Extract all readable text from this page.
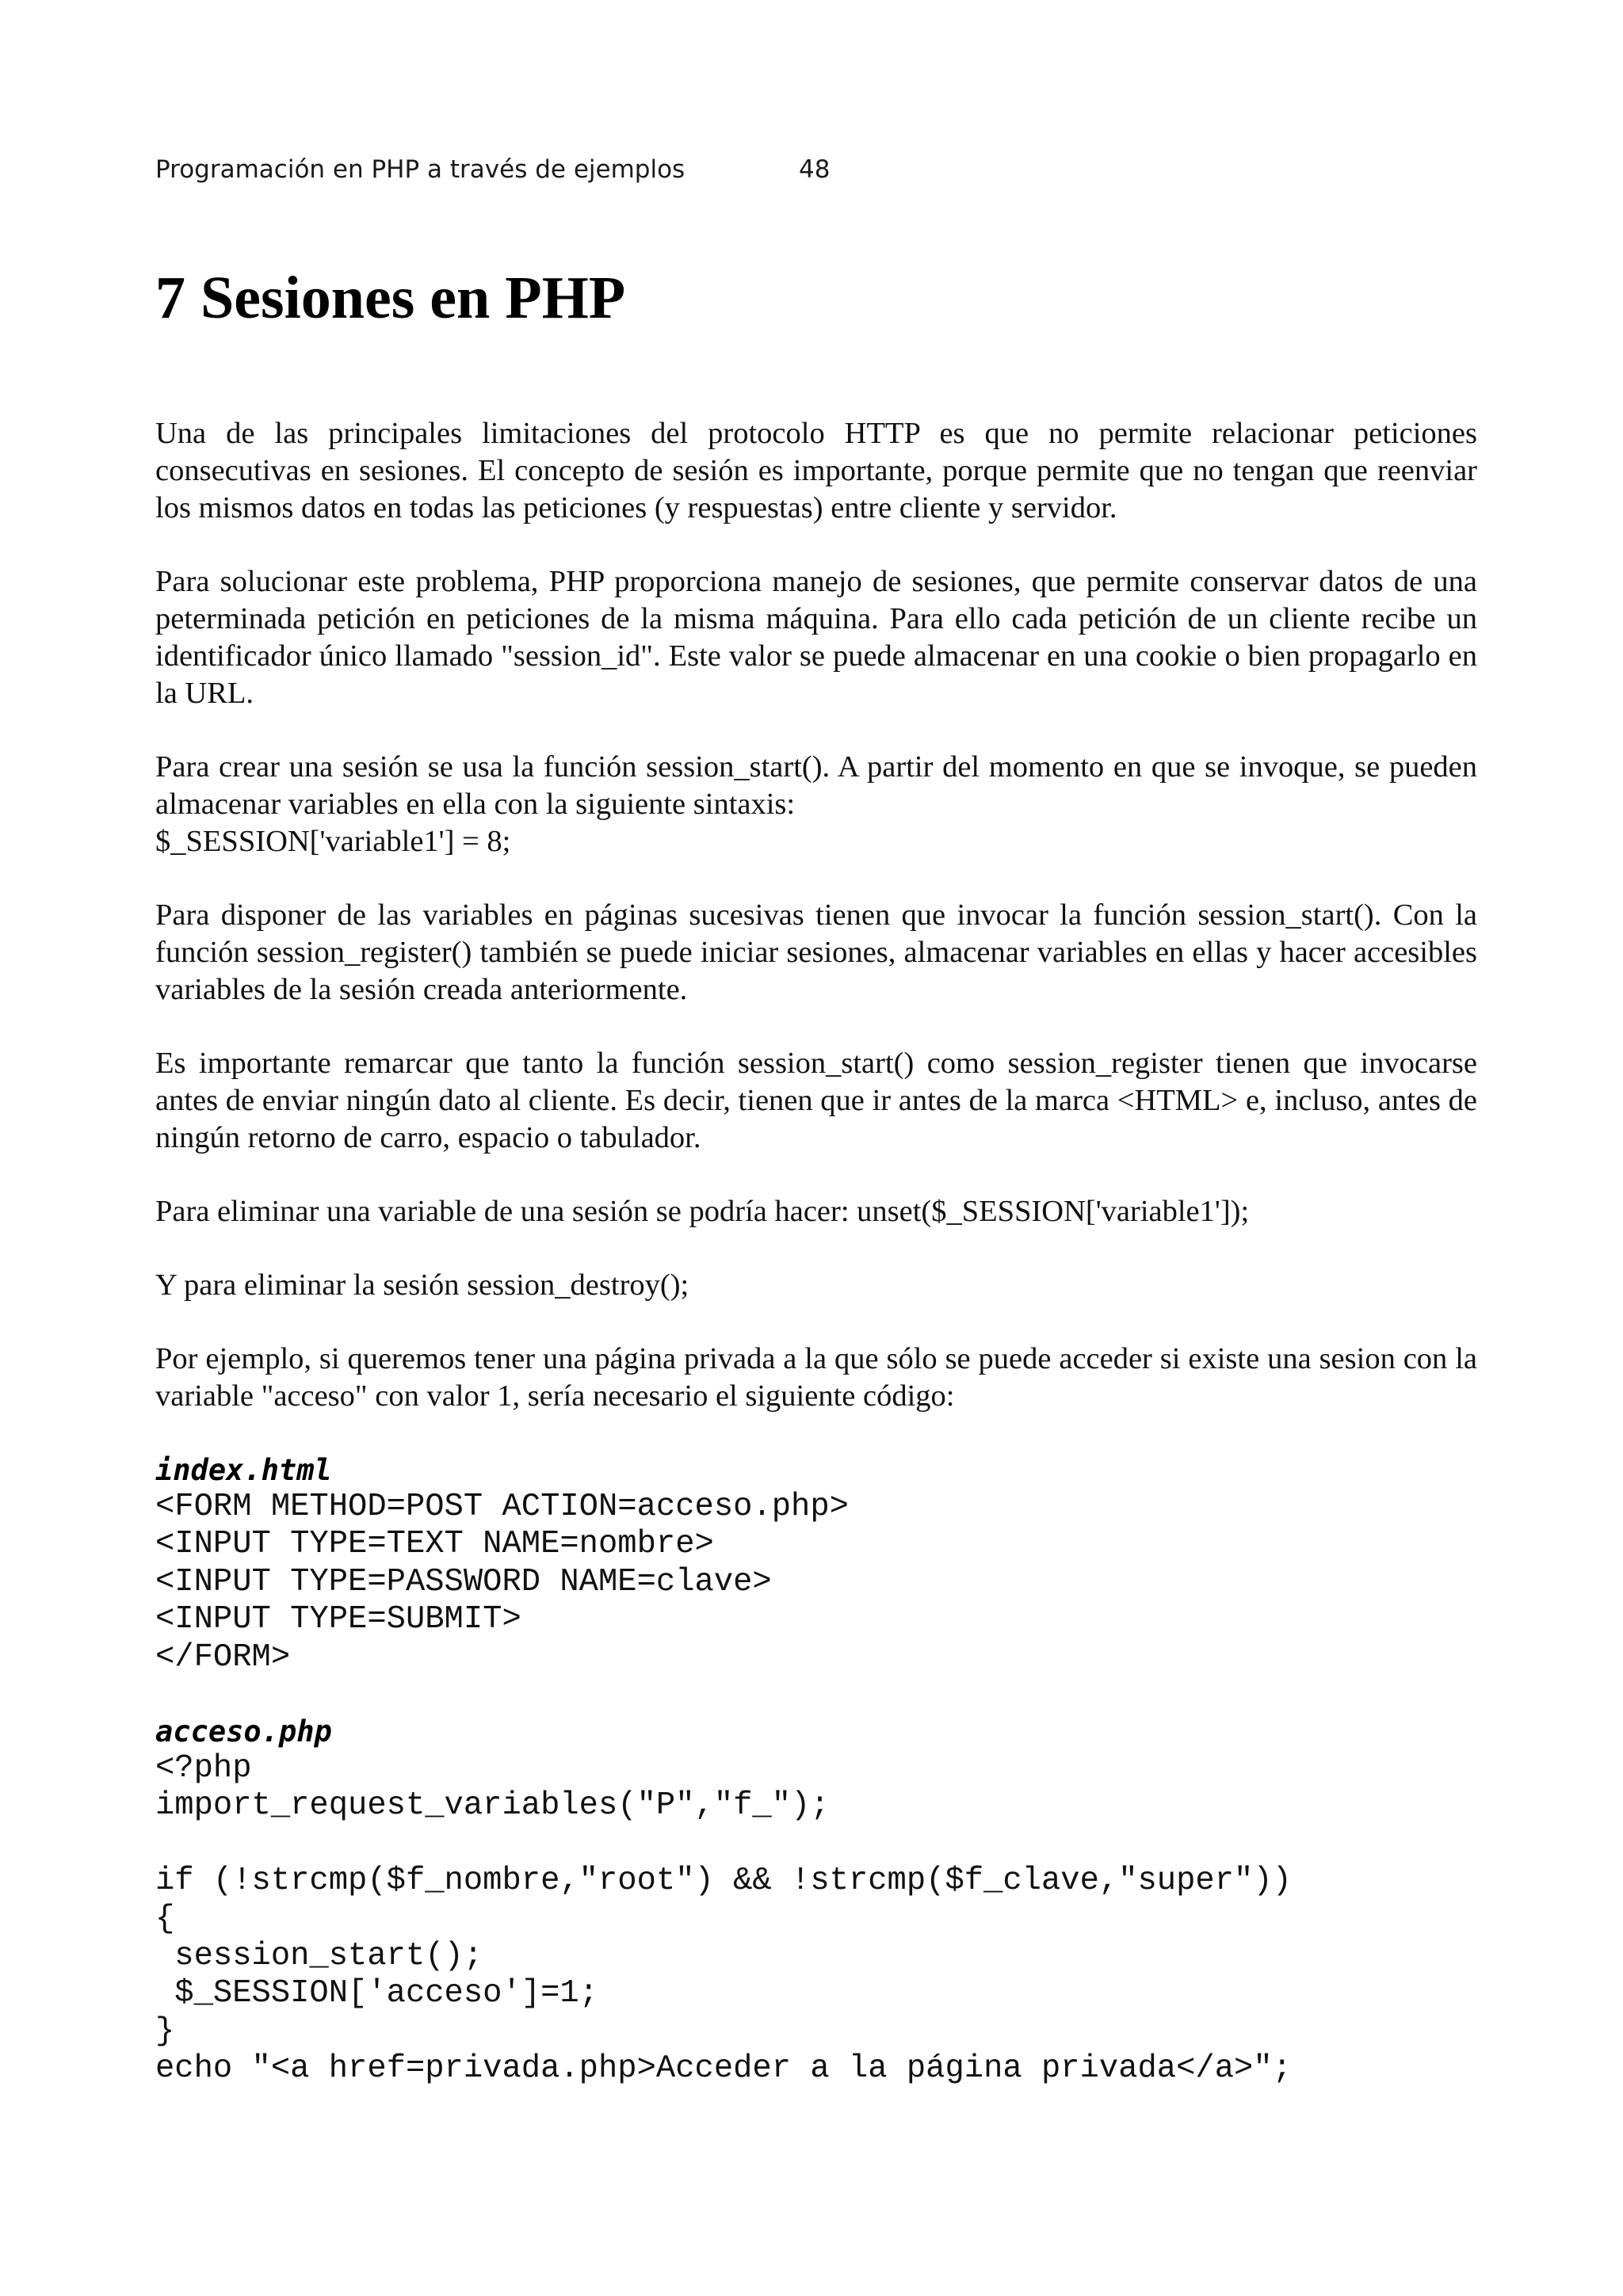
Programación en PHP a través de ejemplos	48
7 Sesiones en PHP

Una de las principales limitaciones del protocolo HTTP es que no permite relacionar peticiones consecutivas en sesiones. El concepto de sesión es importante, porque permite que no tengan que reenviar los mismos datos en todas las peticiones (y respuestas) entre cliente y servidor.

Para solucionar este problema, PHP proporciona manejo de sesiones, que permite conservar datos de una peterminada petición en peticiones de la misma máquina. Para ello cada petición de un cliente recibe un identificador único llamado "session_id". Este valor se puede almacenar en una cookie o bien propagarlo en la URL.

Para crear una sesión se usa la función session_start(). A partir del momento en que se invoque, se pueden almacenar variables en ella con la siguiente sintaxis:
$_SESSION['variable1'] = 8;

Para disponer de las variables en páginas sucesivas tienen que invocar la función session_start(). Con la función session_register() también se puede iniciar sesiones, almacenar variables en ellas y hacer accesibles variables de la sesión creada anteriormente.

Es importante remarcar que tanto la función session_start() como session_register tienen que invocarse antes de enviar ningún dato al cliente. Es decir, tienen que ir antes de la marca <HTML> e, incluso, antes de ningún retorno de carro, espacio o tabulador.

Para eliminar una variable de una sesión se podría hacer: unset($_SESSION['variable1']);

Y para eliminar la sesión session_destroy();

Por ejemplo, si queremos tener una página privada a la que sólo se puede acceder si existe una sesion con la variable "acceso" con valor 1, sería necesario el siguiente código:

index.html
<FORM METHOD=POST ACTION=acceso.php>
<INPUT TYPE=TEXT NAME=nombre>
<INPUT TYPE=PASSWORD NAME=clave>
<INPUT TYPE=SUBMIT>
</FORM>
acceso.php
<?php
import_request_variables("P","f_");

if (!strcmp($f_nombre,"root") && !strcmp($f_clave,"super"))
{
session_start();
$_SESSION['acceso']=1;
}
echo "<a href=privada.php>Acceder a la página privada</a>";
